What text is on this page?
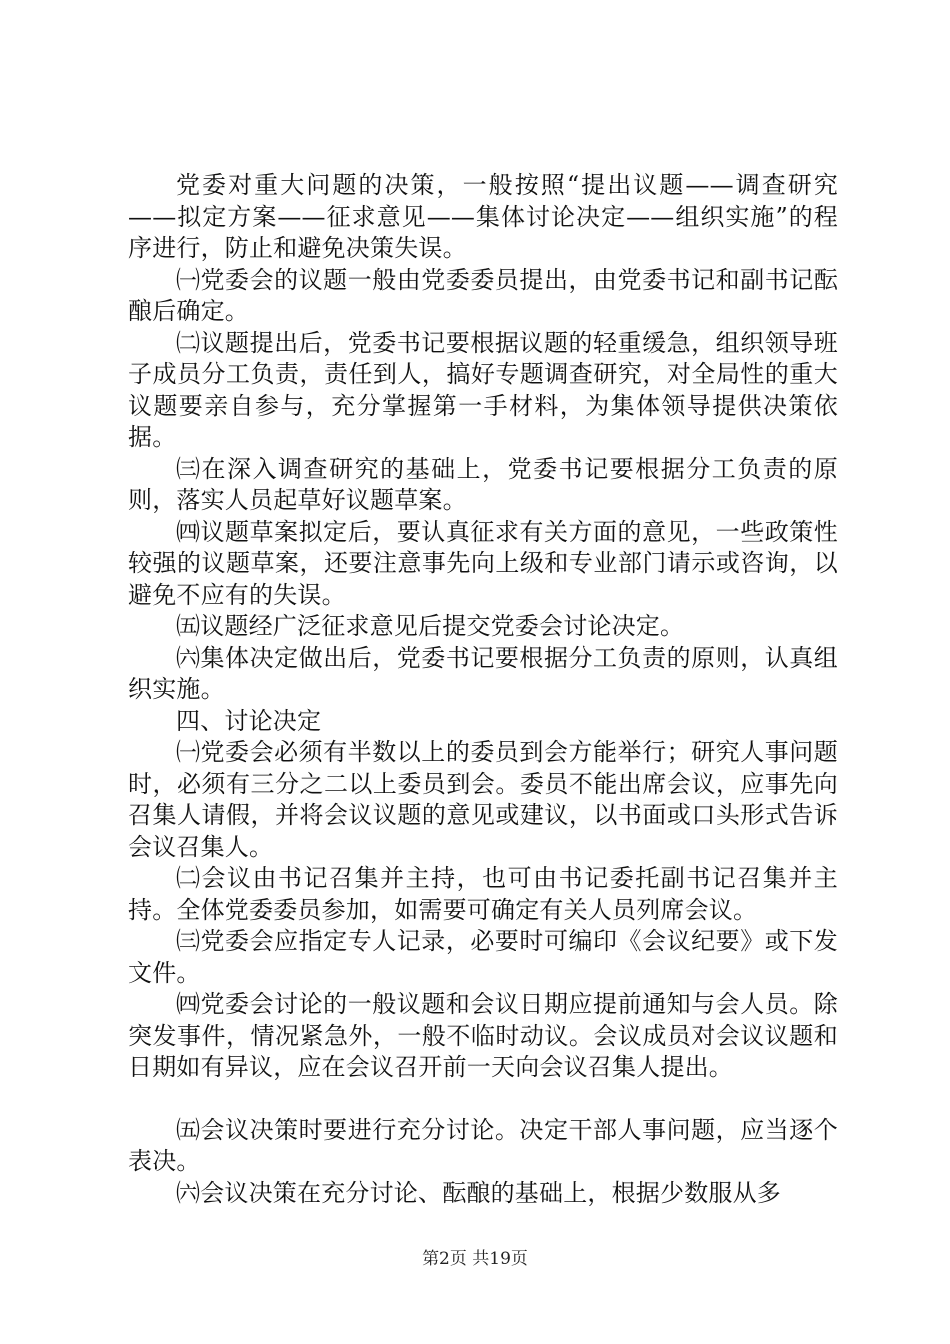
党委对重大问题的决策，一般按照“提出议题——调查研究——拟定方案——征求意见——集体讨论决定——组织实施”的程序进行，防止和避免决策失误。

㈠党委会的议题一般由党委委员提出，由党委书记和副书记酝酿后确定。

㈡议题提出后，党委书记要根据议题的轻重缓急，组织领导班子成员分工负责，责任到人，搞好专题调查研究，对全局性的重大议题要亲自参与，充分掌握第一手材料，为集体领导提供决策依据。

㈢在深入调查研究的基础上，党委书记要根据分工负责的原则，落实人员起草好议题草案。

㈣议题草案拟定后，要认真征求有关方面的意见，一些政策性较强的议题草案，还要注意事先向上级和专业部门请示或咨询，以避免不应有的失误。

㈤议题经广泛征求意见后提交党委会讨论决定。

㈥集体决定做出后，党委书记要根据分工负责的原则，认真组织实施。

四、讨论决定

㈠党委会必须有半数以上的委员到会方能举行；研究人事问题时，必须有三分之二以上委员到会。委员不能出席会议，应事先向召集人请假，并将会议议题的意见或建议，以书面或口头形式告诉会议召集人。

㈡会议由书记召集并主持，也可由书记委托副书记召集并主持。全体党委委员参加，如需要可确定有关人员列席会议。

㈢党委会应指定专人记录，必要时可编印《会议纪要》或下发文件。

㈣党委会讨论的一般议题和会议日期应提前通知与会人员。除突发事件，情况紧急外，一般不临时动议。会议成员对会议议题和日期如有异议，应在会议召开前一天向会议召集人提出。

㈤会议决策时要进行充分讨论。决定干部人事问题，应当逐个表决。

㈥会议决策在充分讨论、酝酿的基础上，根据少数服从多

第2页 共19页
